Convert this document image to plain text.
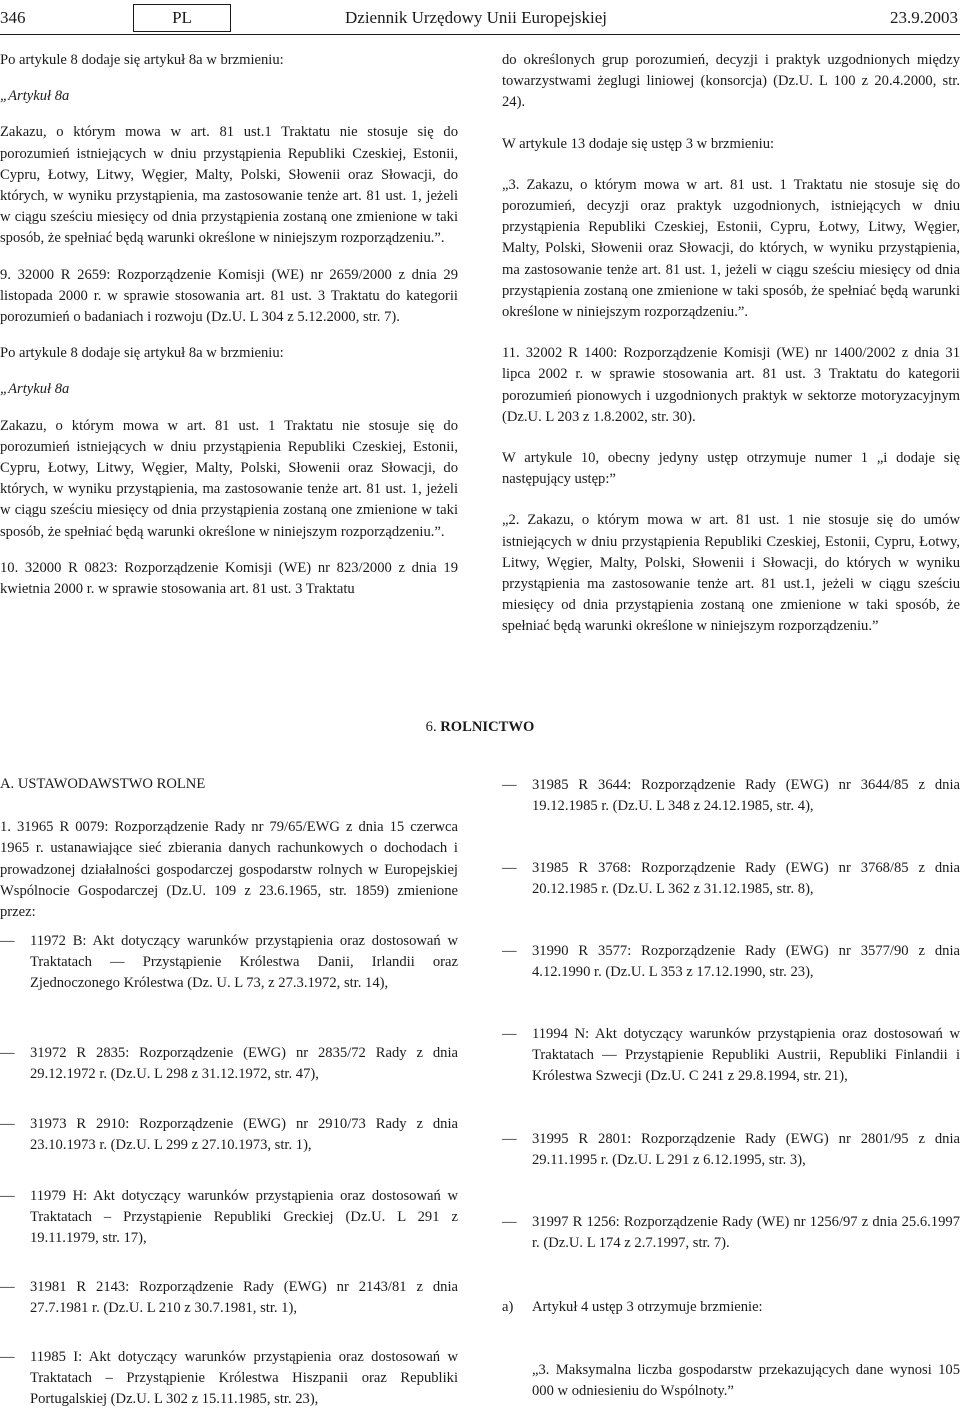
346	PL	Dziennik Urzędowy Unii Europejskiej	23.9.2003

Po artykule 8 dodaje się artykuł 8a w brzmieniu:

„Artykuł 8a

Zakazu, o którym mowa w art. 81 ust.1 Traktatu nie stosuje się do porozumień istniejących w dniu przystąpienia Republiki Czeskiej, Estonii, Cypru, Łotwy, Litwy, Węgier, Malty, Polski, Słowenii oraz Słowacji, do których, w wyniku przystąpienia, ma zastosowanie tenże art. 81 ust. 1, jeżeli w ciągu sześciu miesięcy od dnia przystąpienia zostaną one zmienione w taki sposób, że spełniać będą warunki określone w niniejszym rozporządzeniu.”.

9. 32000 R 2659: Rozporządzenie Komisji (WE) nr 2659/2000 z dnia 29 listopada 2000 r. w sprawie stosowania art. 81 ust. 3 Traktatu do kategorii porozumień o badaniach i rozwoju (Dz.U. L 304 z 5.12.2000, str. 7).

Po artykule 8 dodaje się artykuł 8a w brzmieniu:

„Artykuł 8a

Zakazu, o którym mowa w art. 81 ust. 1 Traktatu nie stosuje się do porozumień istniejących w dniu przystąpienia Republiki Czeskiej, Estonii, Cypru, Łotwy, Litwy, Węgier, Malty, Polski, Słowenii oraz Słowacji, do których, w wyniku przystąpienia, ma zastosowanie tenże art. 81 ust. 1, jeżeli w ciągu sześciu miesięcy od dnia przystąpienia zostaną one zmienione w taki sposób, że spełniać będą warunki określone w niniejszym rozporządzeniu.”.

10. 32000 R 0823: Rozporządzenie Komisji (WE) nr 823/2000 z dnia 19 kwietnia 2000 r. w sprawie stosowania art. 81 ust. 3 Traktatu

do określonych grup porozumień, decyzji i praktyk uzgodnionych między towarzystwami żeglugi liniowej (konsorcja) (Dz.U. L 100 z 20.4.2000, str. 24).

W artykule 13 dodaje się ustęp 3 w brzmieniu:

„3. Zakazu, o którym mowa w art. 81 ust. 1 Traktatu nie stosuje się do porozumień, decyzji oraz praktyk uzgodnionych, istniejących w dniu przystąpienia Republiki Czeskiej, Estonii, Cypru, Łotwy, Litwy, Węgier, Malty, Polski, Słowenii oraz Słowacji, do których, w wyniku przystąpienia, ma zastosowanie tenże art. 81 ust. 1, jeżeli w ciągu sześciu miesięcy od dnia przystąpienia zostaną one zmienione w taki sposób, że spełniać będą warunki określone w niniejszym rozporządzeniu.”.

11. 32002 R 1400: Rozporządzenie Komisji (WE) nr 1400/2002 z dnia 31 lipca 2002 r. w sprawie stosowania art. 81 ust. 3 Traktatu do kategorii porozumień pionowych i uzgodnionych praktyk w sektorze motoryzacyjnym (Dz.U. L 203 z 1.8.2002, str. 30).

W artykule 10, obecny jedyny ustęp otrzymuje numer 1 „i dodaje się następujący ustęp:”

„2. Zakazu, o którym mowa w art. 81 ust. 1 nie stosuje się do umów istniejących w dniu przystąpienia Republiki Czeskiej, Estonii, Cypru, Łotwy, Litwy, Węgier, Malty, Polski, Słowenii i Słowacji, do których w wyniku przystąpienia ma zastosowanie tenże art. 81 ust.1, jeżeli w ciągu sześciu miesięcy od dnia przystąpienia zostaną one zmienione w taki sposób, że spełniać będą warunki określone w niniejszym rozporządzeniu.”

6. ROLNICTWO

A. USTAWODAWSTWO ROLNE

1. 31965 R 0079: Rozporządzenie Rady nr 79/65/EWG z dnia 15 czerwca 1965 r. ustanawiające sieć zbierania danych rachunkowych o dochodach i prowadzonej działalności gospodarczej gospodarstw rolnych w Europejskiej Wspólnocie Gospodarczej (Dz.U. 109 z 23.6.1965, str. 1859) zmienione przez:

—	11972 B: Akt dotyczący warunków przystąpienia oraz dostosowań w Traktatach — Przystąpienie Królestwa Danii, Irlandii oraz Zjednoczonego Królestwa (Dz. U. L 73, z 27.3.1972, str. 14),
—	31972 R 2835: Rozporządzenie (EWG) nr 2835/72 Rady z dnia 29.12.1972 r. (Dz.U. L 298 z 31.12.1972, str. 47),
—	31973 R 2910: Rozporządzenie (EWG) nr 2910/73 Rady z dnia 23.10.1973 r. (Dz.U. L 299 z 27.10.1973, str. 1),
—	11979 H: Akt dotyczący warunków przystąpienia oraz dostosowań w Traktatach – Przystąpienie Republiki Greckiej (Dz.U. L 291 z 19.11.1979, str. 17),
—	31981 R 2143: Rozporządzenie Rady (EWG) nr 2143/81 z dnia 27.7.1981 r. (Dz.U. L 210 z 30.7.1981, str. 1),
—	11985 I: Akt dotyczący warunków przystąpienia oraz dostosowań w Traktatach – Przystąpienie Królestwa Hiszpanii oraz Republiki Portugalskiej (Dz.U. L 302 z 15.11.1985, str. 23),
—	31985 R 3644: Rozporządzenie Rady (EWG) nr 3644/85 z dnia 19.12.1985 r. (Dz.U. L 348 z 24.12.1985, str. 4),
—	31985 R 3768: Rozporządzenie Rady (EWG) nr 3768/85 z dnia 20.12.1985 r. (Dz.U. L 362 z 31.12.1985, str. 8),
—	31990 R 3577: Rozporządzenie Rady (EWG) nr 3577/90 z dnia 4.12.1990 r. (Dz.U. L 353 z 17.12.1990, str. 23),
—	11994 N: Akt dotyczący warunków przystąpienia oraz dostosowań w Traktatach — Przystąpienie Republiki Austrii, Republiki Finlandii i Królestwa Szwecji (Dz.U. C 241 z 29.8.1994, str. 21),
—	31995 R 2801: Rozporządzenie Rady (EWG) nr 2801/95 z dnia 29.11.1995 r. (Dz.U. L 291 z 6.12.1995, str. 3),
—	31997 R 1256: Rozporządzenie Rady (WE) nr 1256/97 z dnia 25.6.1997 r. (Dz.U. L 174 z 2.7.1997, str. 7).
a)	Artykuł 4 ustęp 3 otrzymuje brzmienie:
„3. Maksymalna liczba gospodarstw przekazujących dane wynosi 105 000 w odniesieniu do Wspólnoty.”
